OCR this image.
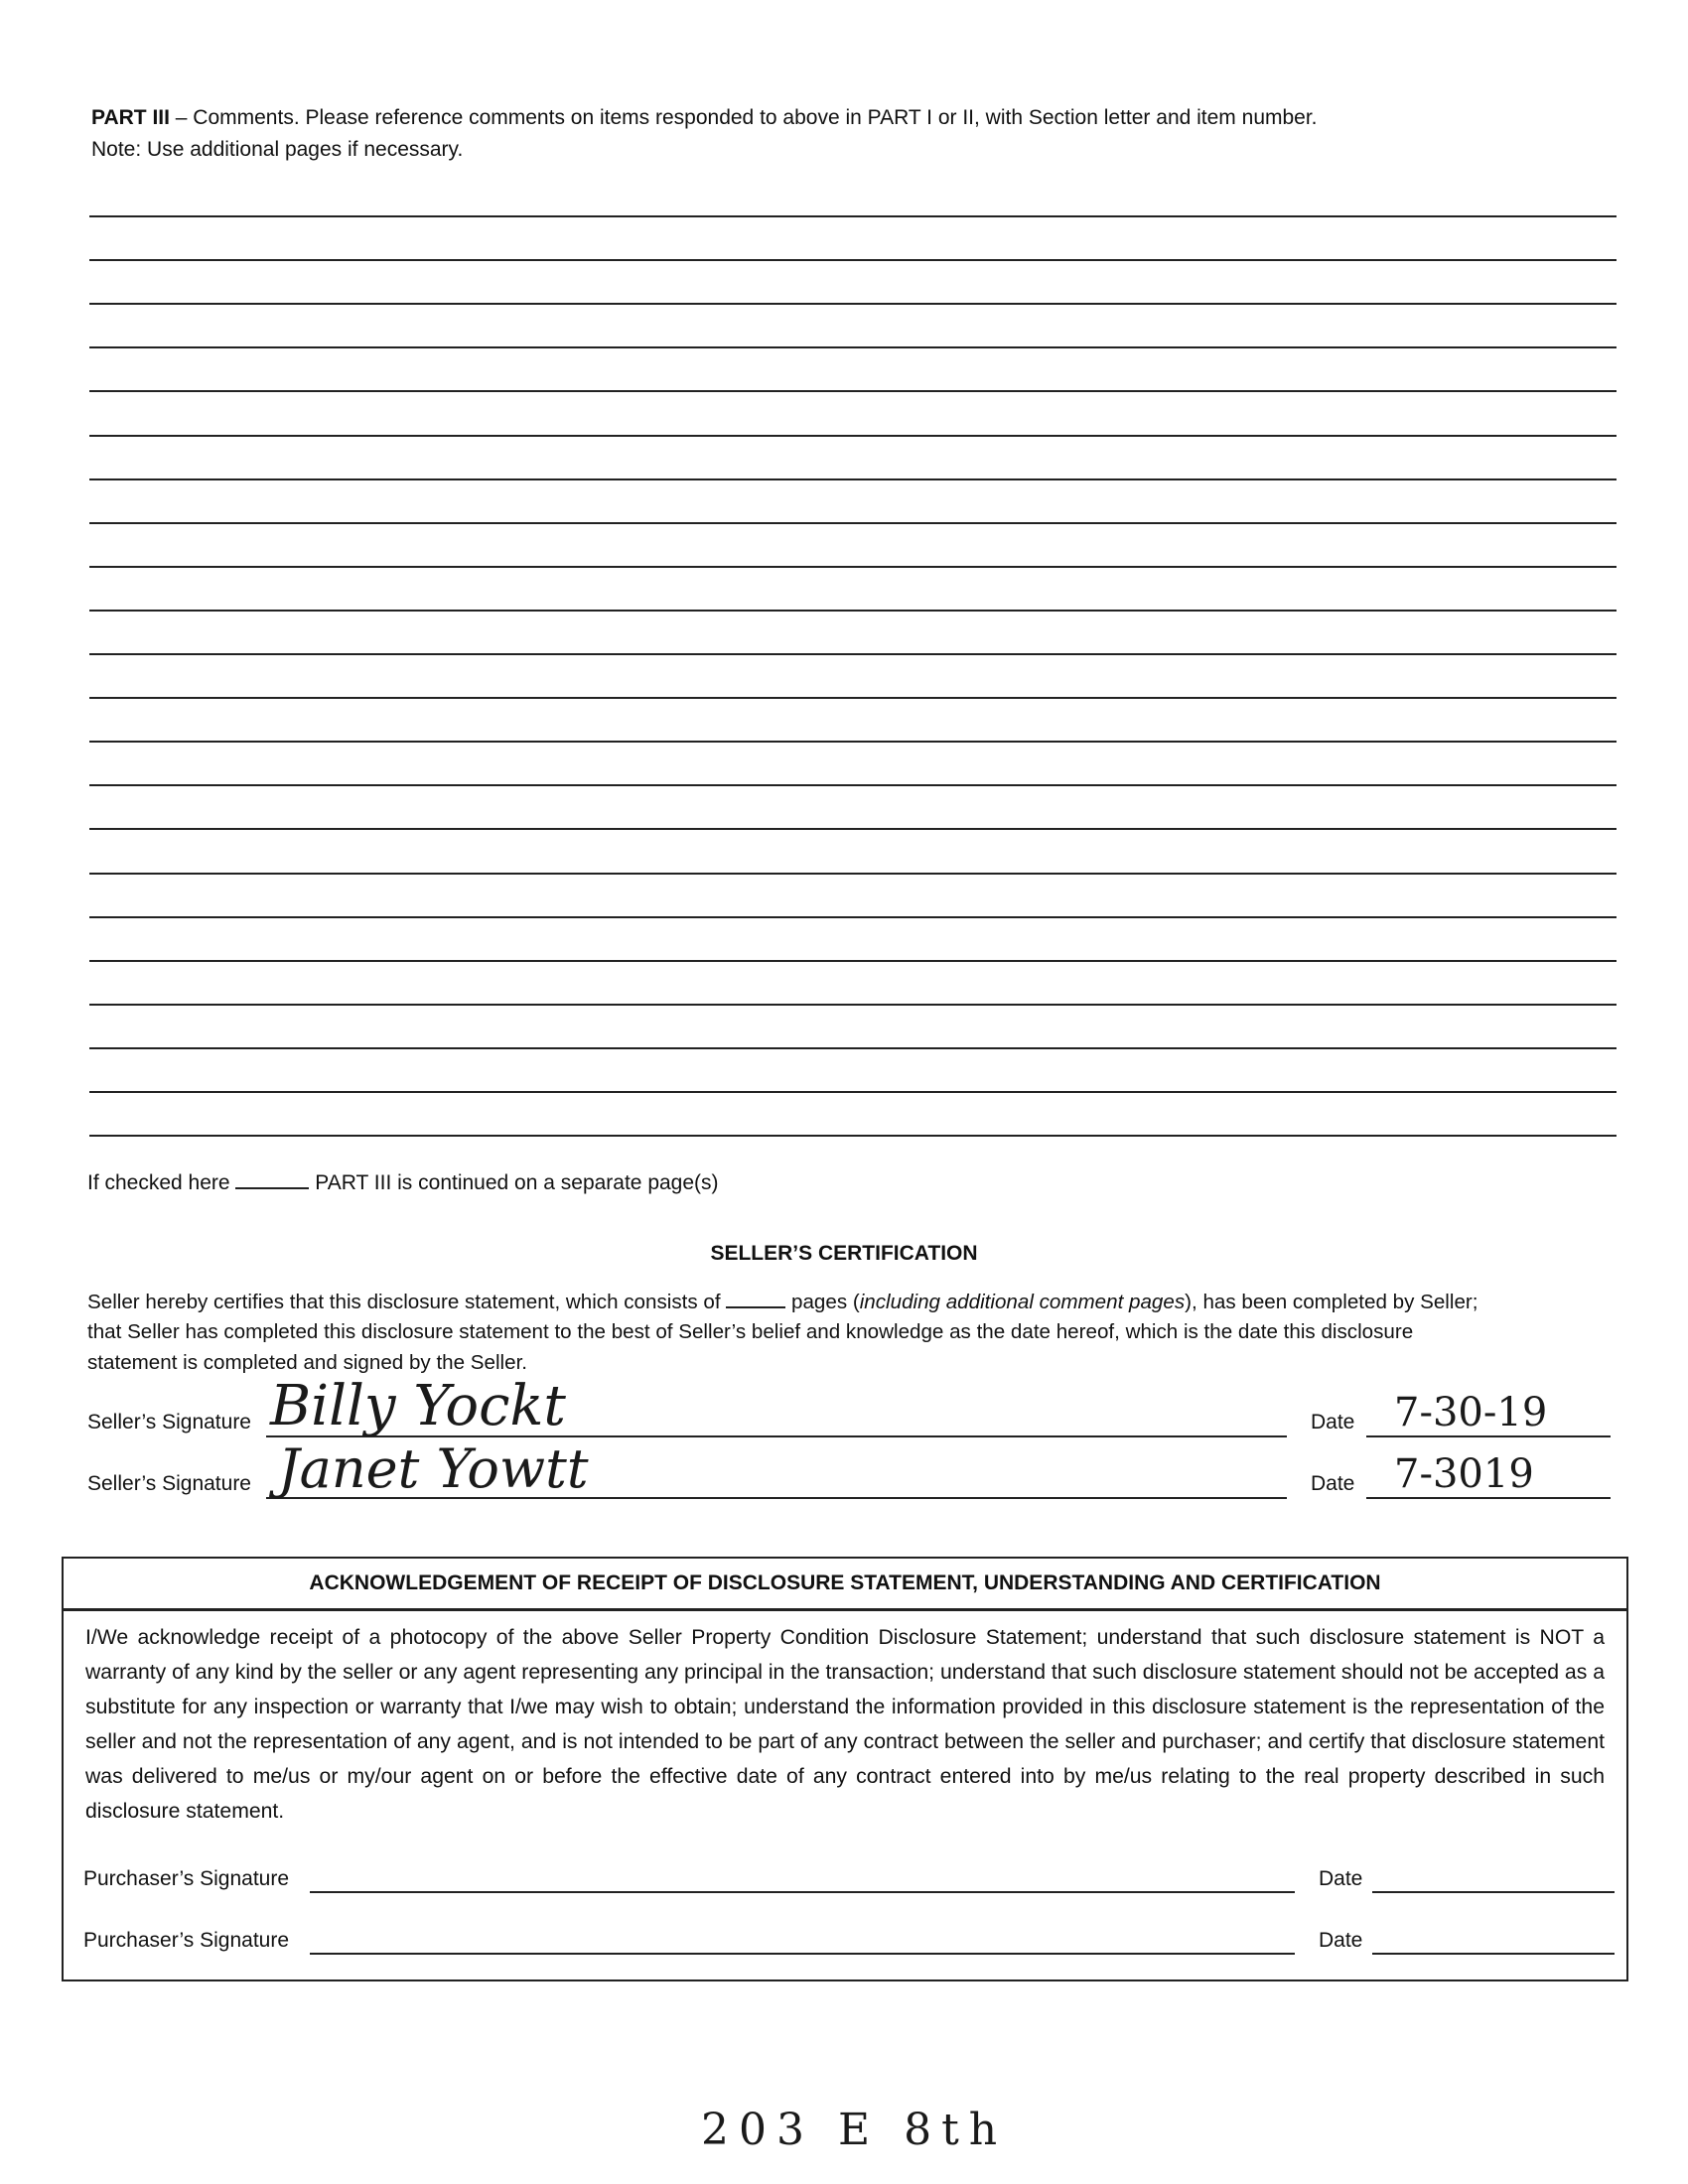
PART III – Comments. Please reference comments on items responded to above in PART I or II, with Section letter and item number.
Note: Use additional pages if necessary.
If checked here	PART III is continued on a separate page(s)
SELLER’S CERTIFICATION
Seller hereby certifies that this disclosure statement, which consists of	pages (including additional comment pages), has been completed by Seller;
that Seller has completed this disclosure statement to the best of Seller’s belief and knowledge as the date hereof, which is the date this disclosure
statement is completed and signed by the Seller.
Seller’s Signature Billy Yockt	Date 7-30-19
Seller’s Signature Janet Yowtt	Date 7-3019
ACKNOWLEDGEMENT OF RECEIPT OF DISCLOSURE STATEMENT, UNDERSTANDING AND CERTIFICATION
I/We acknowledge receipt of a photocopy of the above Seller Property Condition Disclosure Statement; understand that such disclosure statement is NOT a warranty of any kind by the seller or any agent representing any principal in the transaction; understand that such disclosure statement should not be accepted as a substitute for any inspection or warranty that I/we may wish to obtain; understand the information provided in this disclosure statement is the representation of the seller and not the representation of any agent, and is not intended to be part of any contract between the seller and purchaser; and certify that disclosure statement was delivered to me/us or my/our agent on or before the effective date of any contract entered into by me/us relating to the real property described in such disclosure statement.
Purchaser’s Signature	Date
Purchaser’s Signature	Date
203 E 8th
